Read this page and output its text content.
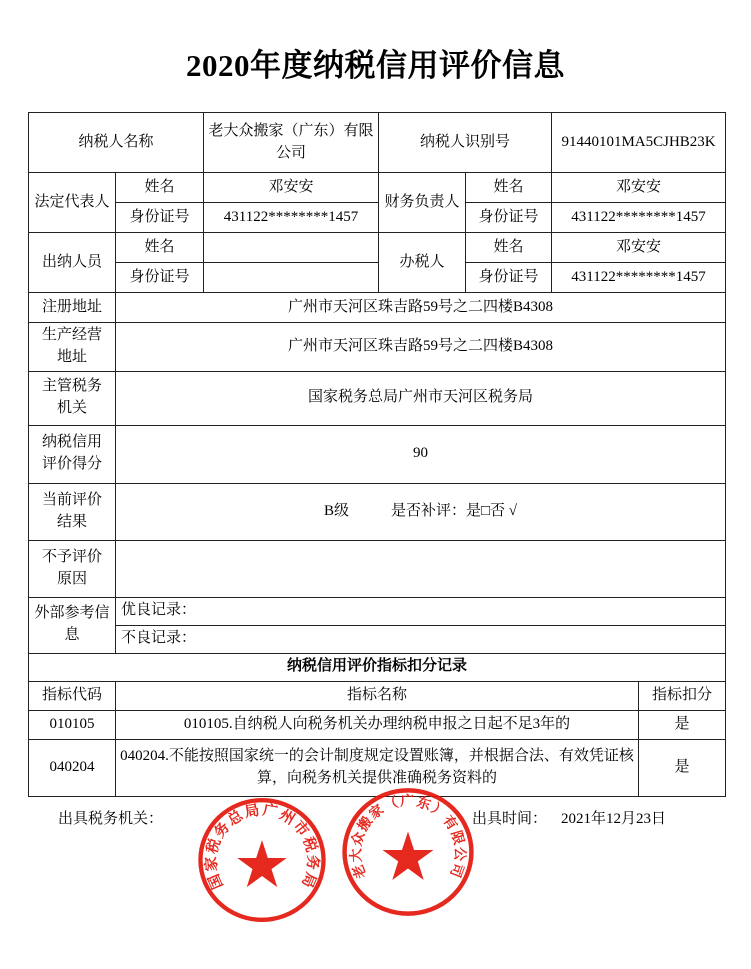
2020年度纳税信用评价信息
纳税人名称		老大众搬家（广东）有限公司	纳税人识别号		91440101MA5CJHB23K	
法定代表人	姓名	邓安安	财务负责人	姓名	邓安安	
	身份证号	431122********1457		身份证号	431122********1457	
出纳人员	姓名		办税人	姓名	邓安安	
	身份证号			身份证号	431122********1457	
注册地址	广州市天河区珠吉路59号之二四楼B4308					
生产经营地址	广州市天河区珠吉路59号之二四楼B4308					
主管税务机关	国家税务总局广州市天河区税务局					
纳税信用评价得分	90					
当前评价结果	B级 是否补评：是□否 √					
不予评价原因						
外部参考信息	优良记录：					
	不良记录：					
纳税信用评价指标扣分记录						
指标代码	指标名称					指标扣分
010105	010105.自纳税人向税务机关办理纳税申报之日起不足3年的					是
040204	040204.不能按照国家统一的会计制度规定设置账簿，并根据合法、有效凭证核算，向税务机关提供准确税务资料的					是
出具税务机关：	出具时间： 2021年12月23日
国家税务总局广州市税务局 老大众搬家（广东）有限公司
